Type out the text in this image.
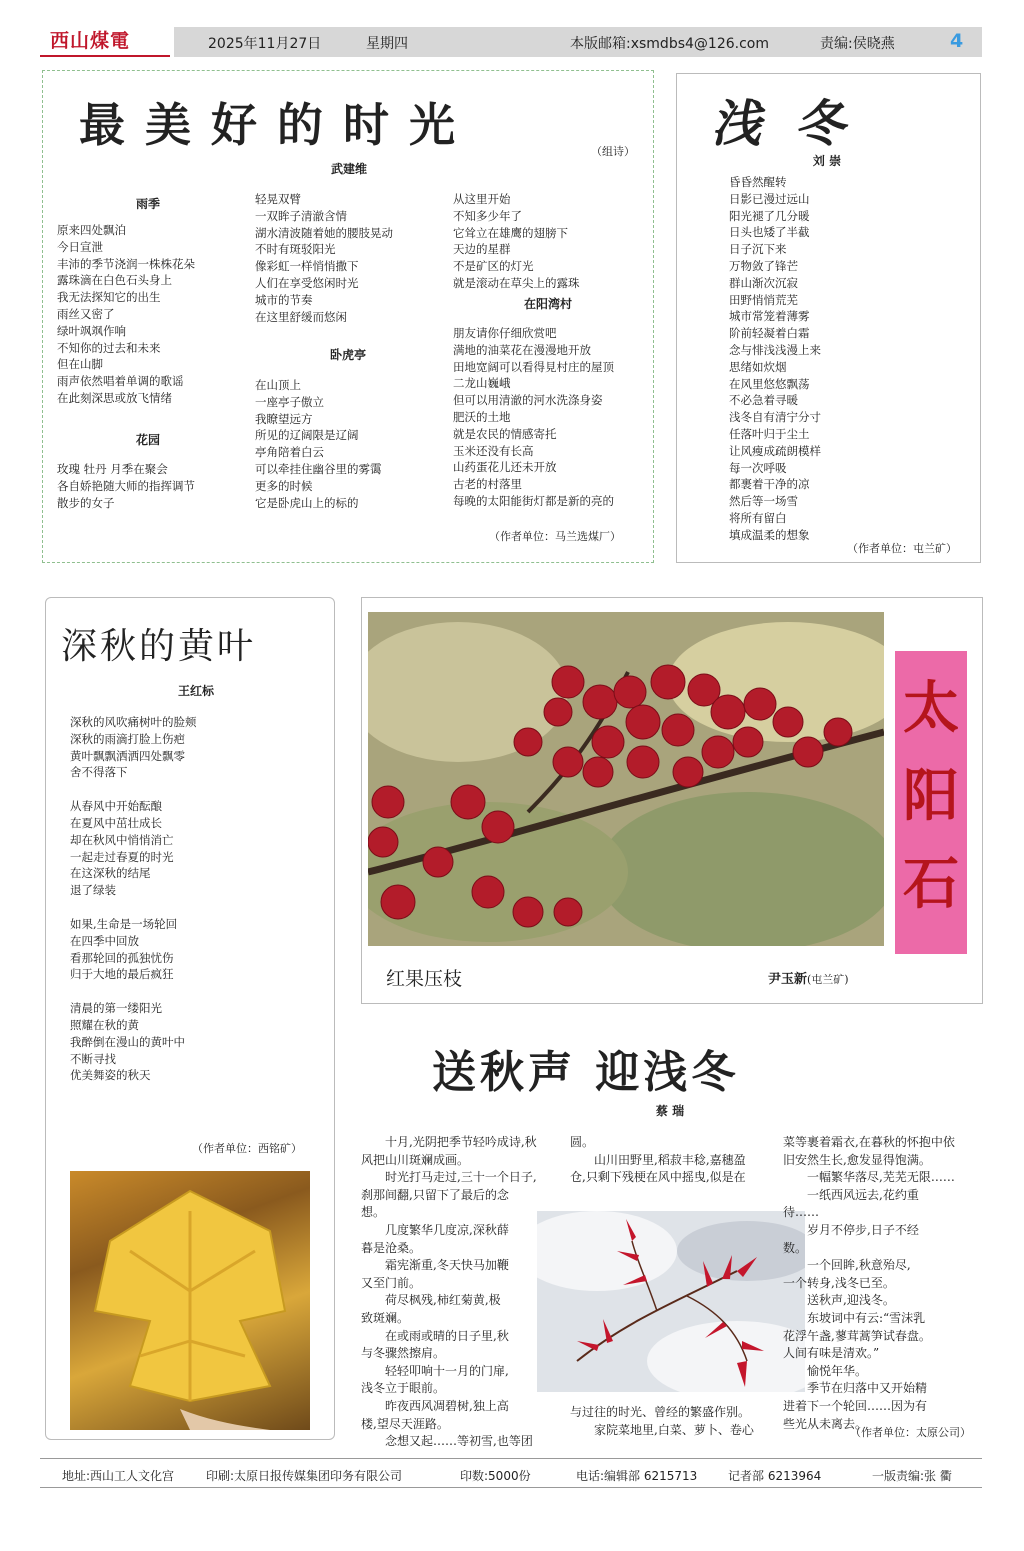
西山煤電	2025年11月27日	星期四	本版邮箱:xsmdbs4@126.com	责编:侯晓燕	4
最 美 好 的 时 光	（组诗）
武建维
雨季
原来四处飘泊
今日宣泄
丰沛的季节浇润一株株花朵
露珠滴在白色石头身上
我无法探知它的出生
雨丝又密了
绿叶飒飒作响
不知你的过去和未来
但在山脚
雨声依然唱着单调的歌谣
在此刻深思或放飞情绪
花园
玫瑰 牡丹 月季在聚会
各自娇艳随大师的指挥调节
散步的女子
轻晃双臂
一双眸子清澈含情
湖水清波随着她的腰肢晃动
不时有斑驳阳光
像彩虹一样悄悄撒下
人们在享受悠闲时光
城市的节奏
在这里舒缓而悠闲
卧虎亭
在山顶上
一座亭子傲立
我瞭望远方
所见的辽阔限是辽阔
亭角陪着白云
可以牵挂住幽谷里的雾霭
更多的时候
它是卧虎山上的标的
从这里开始
不知多少年了
它耸立在雄鹰的翅膀下
天边的星群
不是矿区的灯光
就是滚动在草尖上的露珠
在阳湾村
朋友请你仔细欣赏吧
满地的油菜花在漫漫地开放
田地宽阔可以看得見村庄的屋顶
二龙山巍峨
但可以用清澈的河水洗涤身姿
肥沃的土地
就是农民的情感寄托
玉米还没有长高
山药蛋花儿还未开放
古老的村落里
每晚的太阳能街灯都是新的亮的
（作者单位：马兰选煤厂）
浅 冬
刘 崇
昏昏然醒转
日影已漫过远山
阳光褪了几分暖
日头也矮了半截
日子沉下来
万物敛了锋芒
群山渐次沉寂
田野悄悄荒芜
城市常笼着薄雾
阶前轻凝着白霜
念与悱浅浅漫上来
思绪如炊烟
在风里悠悠飘荡
不必急着寻暖
浅冬自有清宁分寸
任落叶归于尘土
让风瘦成疏朗模样
每一次呼吸
都裹着干净的凉
然后等一场雪
将所有留白
填成温柔的想象
（作者单位：屯兰矿）
深秋的黄叶
王红标
深秋的风吹痛树叶的脸颊
深秋的雨滴打脸上伤疤
黄叶飘飘洒洒四处飘零
舍不得落下
从春风中开始酝酿
在夏风中茁壮成长
却在秋风中悄悄消亡
一起走过春夏的时光
在这深秋的结尾
退了绿装
如果,生命是一场轮回
在四季中回放
看那轮回的孤独忧伤
归于大地的最后疯狂
清晨的第一缕阳光
照耀在秋的黄
我醉倒在漫山的黄叶中
不断寻找
优美舞姿的秋天
（作者单位：西铭矿）
太阳石
红果压枝	尹玉新(屯兰矿)
送秋声 迎浅冬
蔡 瑞
　　十月,光阴把季节轻吟成诗,秋
风把山川斑斓成画。
　　时光打马走过,三十一个日子,
刹那间翻,只留下了最后的念
想。
　　几度繁华几度凉,深秋薛
暮是沧桑。
　　霜宪渐重,冬天快马加鞭
又至门前。
　　荷尽枫残,柿红菊黄,极
致斑斓。
　　在或雨或晴的日子里,秋
与冬骤然擦肩。
　　轻轻叩响十一月的门扉,
浅冬立于眼前。
　　昨夜西风凋碧树,独上高
楼,望尽天涯路。
　　念想又起……等初雪,也等团
圆。
　　山川田野里,稻菽丰稔,嘉穗盈
仓,只剩下残梗在风中摇曳,似是在
与过往的时光、曾经的繁盛作别。
　　家院菜地里,白菜、萝卜、卷心
菜等裹着霜衣,在暮秋的怀抱中依
旧安然生长,愈发显得饱满。
　　一幅繁华落尽,芜芜无限……
　　一纸西风远去,花约重
待……
　　岁月不停步,日子不经
数。
　　一个回眸,秋意殆尽,
一个转身,浅冬已至。
　　送秋声,迎浅冬。
　　东坡词中有云:“雪沫乳
花浮午盏,蓼茸蒿笋试春盘。
人间有味是清欢。”
　　愉悦年华。
　　季节在归落中又开始精
进着下一个轮回……因为有
些光从未离去。
（作者单位：太原公司）
地址:西山工人文化宫	印刷:太原日报传媒集团印务有限公司	印数:5000份	电话:编辑部 6215713	记者部 6213964	一版责编:张 衢
